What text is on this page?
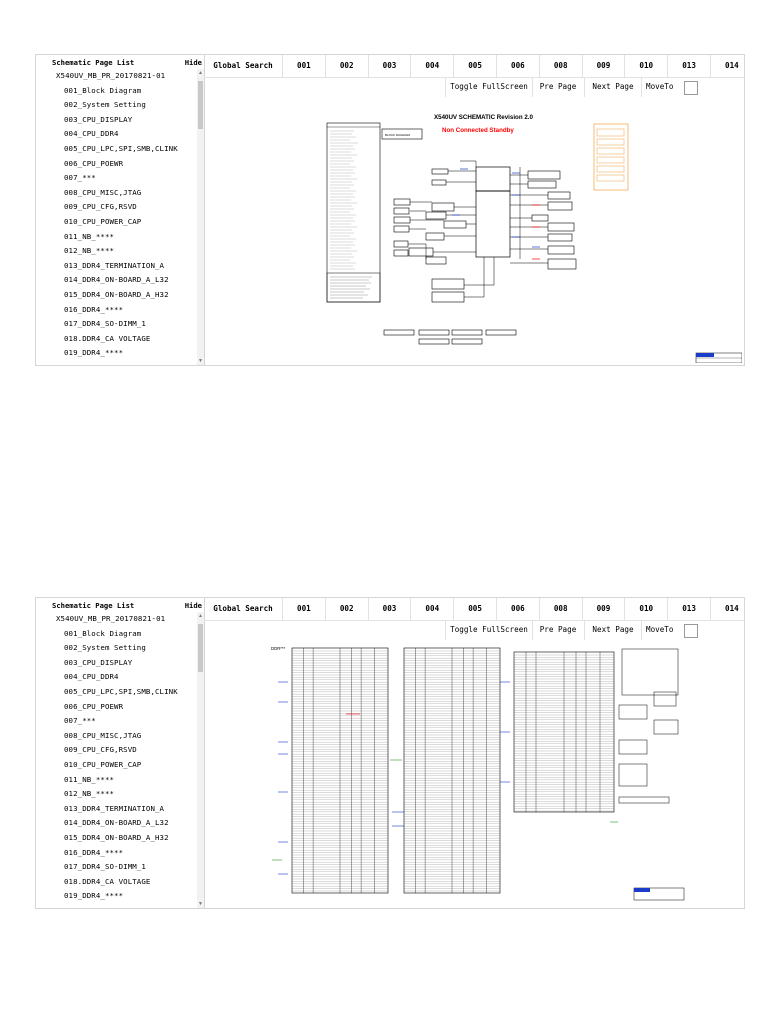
Schematic Page List	Hide
X540UV_MB_PR_20170821-01
001_Block Diagram
002_System Setting
003_CPU_DISPLAY
004_CPU_DDR4
005_CPU_LPC,SPI,SMB,CLINK
006_CPU_POEWR
007_***
008_CPU_MISC,JTAG
009_CPU_CFG,RSVD
010_CPU_POWER_CAP
011_NB_****
012_NB_****
013_DDR4_TERMINATION_A
014_DDR4_ON-BOARD_A_L32
015_DDR4_ON-BOARD_A_H32
016_DDR4_****
017_DDR4_SO-DIMM_1
018.DDR4_CA VOLTAGE
019_DDR4_****
▲
▼
Global Search	001	002	003	004	005	006	008	009	010	013	014
Toggle FullScreen	Pre Page	Next Page	MoveTo
BLOCK DIAGRAM
X540UV SCHEMATIC Revision 2.0
Non Connected Standby
Schematic Page List	Hide
X540UV_MB_PR_20170821-01
001_Block Diagram
002_System Setting
003_CPU_DISPLAY
004_CPU_DDR4
005_CPU_LPC,SPI,SMB,CLINK
006_CPU_POEWR
007_***
008_CPU_MISC,JTAG
009_CPU_CFG,RSVD
010_CPU_POWER_CAP
011_NB_****
012_NB_****
013_DDR4_TERMINATION_A
014_DDR4_ON-BOARD_A_L32
015_DDR4_ON-BOARD_A_H32
016_DDR4_****
017_DDR4_SO-DIMM_1
018.DDR4_CA VOLTAGE
019_DDR4_****
▲
▼
Global Search	001	002	003	004	005	006	008	009	010	013	014
Toggle FullScreen	Pre Page	Next Page	MoveTo
DDR***
